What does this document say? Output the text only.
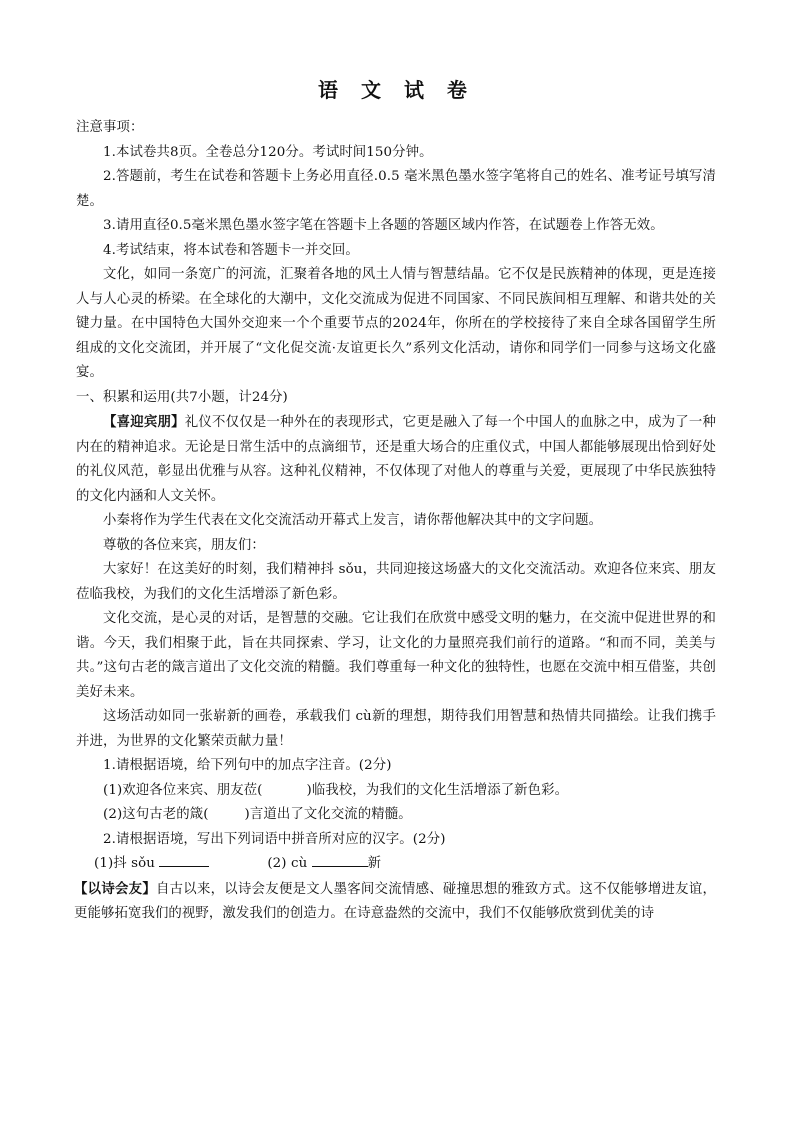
语 文 试 卷

注意事项：

1.本试卷共8页。全卷总分120分。考试时间150分钟。

2.答题前，考生在试卷和答题卡上务必用直径.0.5 毫米黑色墨水签字笔将自己的姓名、准考证号填写清楚。

3.请用直径0.5毫米黑色墨水签字笔在答题卡上各题的答题区域内作答，在试题卷上作答无效。

4.考试结束，将本试卷和答题卡一并交回。

文化，如同一条宽广的河流，汇聚着各地的风土人情与智慧结晶。它不仅是民族精神的体现，更是连接人与人心灵的桥梁。在全球化的大潮中，文化交流成为促进不同国家、不同民族间相互理解、和谐共处的关键力量。在中国特色大国外交迎来一个个重要节点的2024年，你所在的学校接待了来自全球各国留学生所组成的文化交流团，并开展了“文化促交流·友谊更长久”系列文化活动，请你和同学们一同参与这场文化盛宴。

一、积累和运用(共7小题，计24分)

【喜迎宾朋】礼仪不仅仅是一种外在的表现形式，它更是融入了每一个中国人的血脉之中，成为了一种内在的精神追求。无论是日常生活中的点滴细节，还是重大场合的庄重仪式，中国人都能够展现出恰到好处的礼仪风范，彰显出优雅与从容。这种礼仪精神，不仅体现了对他人的尊重与关爱，更展现了中华民族独特的文化内涵和人文关怀。

小秦将作为学生代表在文化交流活动开幕式上发言，请你帮他解决其中的文字问题。

尊敬的各位来宾，朋友们：

大家好！在这美好的时刻，我们精神抖 sǒu，共同迎接这场盛大的文化交流活动。欢迎各位来宾、朋友莅临我校，为我们的文化生活增添了新色彩。

文化交流，是心灵的对话，是智慧的交融。它让我们在欣赏中感受文明的魅力，在交流中促进世界的和谐。今天，我们相聚于此，旨在共同探索、学习，让文化的力量照亮我们前行的道路。“和而不同，美美与共。”这句古老的箴言道出了文化交流的精髓。我们尊重每一种文化的独特性，也愿在交流中相互借鉴，共创美好未来。

这场活动如同一张崭新的画卷，承载我们 cù新的理想，期待我们用智慧和热情共同描绘。让我们携手并进，为世界的文化繁荣贡献力量！

1.请根据语境，给下列句中的加点字注音。(2分)

(1)欢迎各位来宾、朋友莅(	)临我校，为我们的文化生活增添了新色彩。

(2)这句古老的箴(	)言道出了文化交流的精髓。

2.请根据语境，写出下列词语中拼音所对应的汉字。(2分)

(1)抖 sǒu	(2) cù	新

【以诗会友】自古以来，以诗会友便是文人墨客间交流情感、碰撞思想的雅致方式。这不仅能够增进友谊，更能够拓宽我们的视野，激发我们的创造力。在诗意盎然的交流中，我们不仅能够欣赏到优美的诗
